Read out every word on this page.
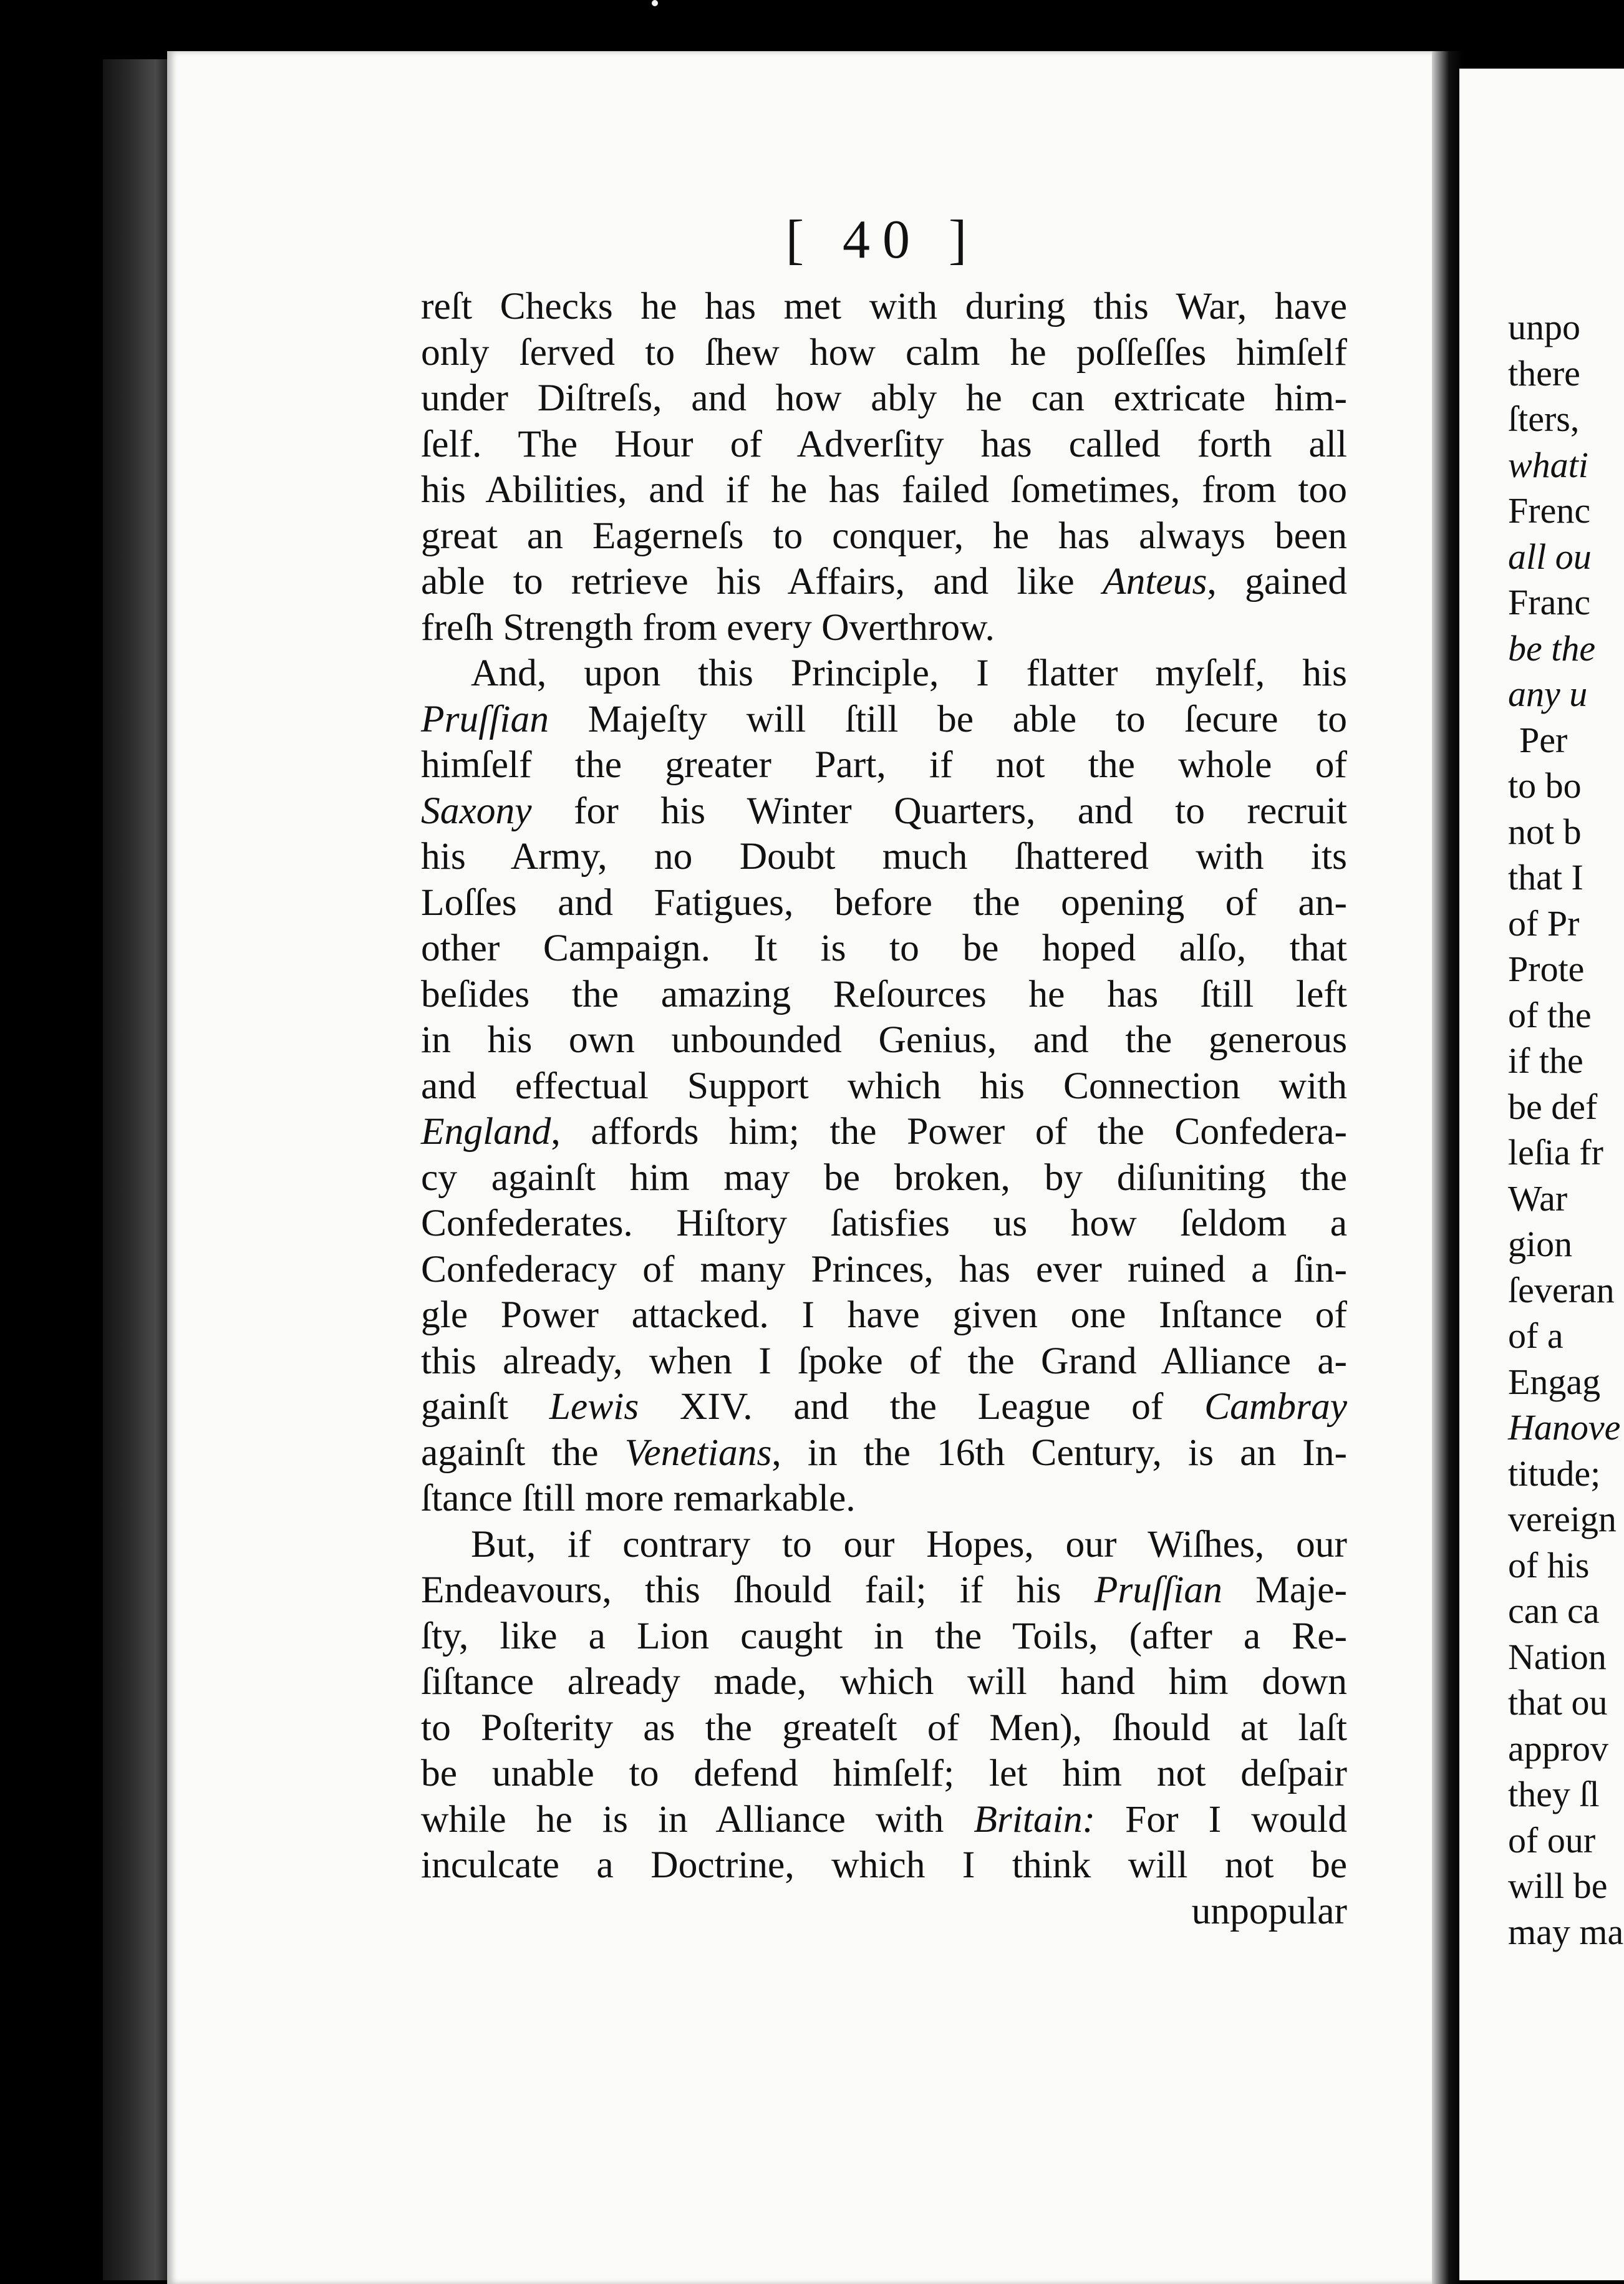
[ 40 ]
reſt Checks he has met with during this War, have
only ſerved to ſhew how calm he poſſeſſes himſelf
under Diſtreſs, and how ably he can extricate him-
ſelf. The Hour of Adverſity has called forth all
his Abilities, and if he has failed ſometimes, from too
great an Eagerneſs to conquer, he has always been
able to retrieve his Affairs, and like Anteus, gained
freſh Strength from every Overthrow.
And, upon this Principle, I flatter myſelf, his
Pruſſian Majeſty will ſtill be able to ſecure to
himſelf the greater Part, if not the whole of
Saxony for his Winter Quarters, and to recruit
his Army, no Doubt much ſhattered with its
Loſſes and Fatigues, before the opening of an-
other Campaign. It is to be hoped alſo, that
beſides the amazing Reſources he has ſtill left
in his own unbounded Genius, and the generous
and effectual Support which his Connection with
England, affords him; the Power of the Confedera-
cy againſt him may be broken, by diſuniting the
Confederates. Hiſtory ſatisfies us how ſeldom a
Confederacy of many Princes, has ever ruined a ſin-
gle Power attacked. I have given one Inſtance of
this already, when I ſpoke of the Grand Alliance a-
gainſt Lewis XIV. and the League of Cambray
againſt the Venetians, in the 16th Century, is an In-
ſtance ſtill more remarkable.
But, if contrary to our Hopes, our Wiſhes, our
Endeavours, this ſhould fail; if his Pruſſian Maje-
ſty, like a Lion caught in the Toils, (after a Re-
ſiſtance already made, which will hand him down
to Poſterity as the greateſt of Men), ſhould at laſt
be unable to defend himſelf; let him not deſpair
while he is in Alliance with Britain: For I would
inculcate a Doctrine, which I think will not be
unpopular
unpo
there
ſters,
whati
Frenc
all ou
Franc
be the
any u
Per
to bo
not b
that I
of Pr
Prote
of the
if the
be def
leſia fr
War
gion
ſeveran
of a
Engag
Hanove
titude;
vereign
of his
can ca
Nation
that ou
approv
they ſl
of our
will be
may ma
